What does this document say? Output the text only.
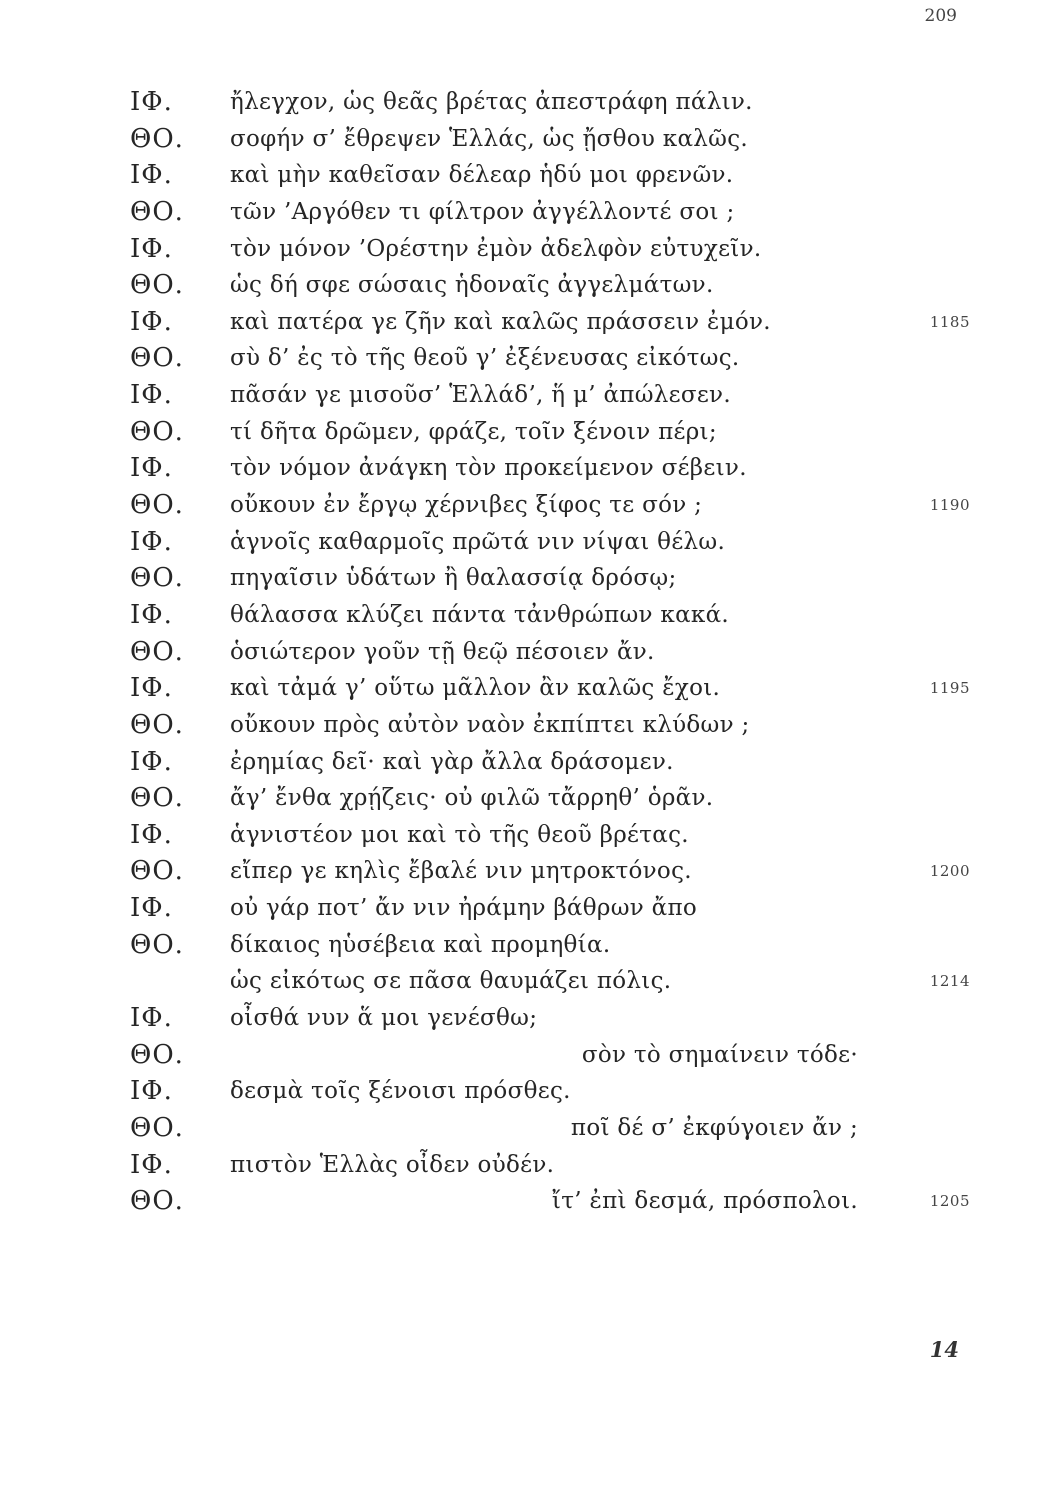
209
ΙΦ. ἤλεγχον, ὡς θεᾶς βρέτας ἀπεστράφη πάλιν.
ΘΟ. σοφήν σ’ ἔθρεψεν Ἑλλάς, ὡς ᾔσθου καλῶς.
ΙΦ. καὶ μὴν καθεῖσαν δέλεαρ ἡδύ μοι φρενῶν.
ΘΟ. τῶν ’Αργόθεν τι φίλτρον ἀγγέλλοντέ σοι ;
ΙΦ. τὸν μόνον ’Ορέστην ἐμὸν ἀδελφὸν εὐτυχεῖν.
ΘΟ. ὡς δή σφε σώσαις ἡδοναῖς ἀγγελμάτων.
ΙΦ. καὶ πατέρα γε ζῆν καὶ καλῶς πράσσειν ἐμόν.	1185
ΘΟ. σὺ δ’ ἐς τὸ τῆς θεοῦ γ’ ἐξένευσας εἰκότως.
ΙΦ. πᾶσάν γε μισοῦσ’ Ἑλλάδ’, ἥ μ’ ἀπώλεσεν.
ΘΟ. τί δῆτα δρῶμεν, φράζε, τοῖν ξένοιν πέρι;
ΙΦ. τὸν νόμον ἀνάγκη τὸν προκείμενον σέβειν.
ΘΟ. οὔκουν ἐν ἔργῳ χέρνιβες ξίφος τε σόν ;	1190
ΙΦ. ἁγνοῖς καθαρμοῖς πρῶτά νιν νίψαι θέλω.
ΘΟ. πηγαῖσιν ὑδάτων ἢ θαλασσίᾳ δρόσῳ;
ΙΦ. θάλασσα κλύζει πάντα τἀνθρώπων κακά.
ΘΟ. ὁσιώτερον γοῦν τῇ θεῷ πέσοιεν ἄν.
ΙΦ. καὶ τἀμά γ’ οὕτω μᾶλλον ἂν καλῶς ἔχοι.	1195
ΘΟ. οὔκουν πρὸς αὐτὸν ναὸν ἐκπίπτει κλύδων ;
ΙΦ. ἐρημίας δεῖ· καὶ γὰρ ἄλλα δράσομεν.
ΘΟ. ἄγ’ ἔνθα χρῄζεις· οὐ φιλῶ τἄρρηθ’ ὁρᾶν.
ΙΦ. ἁγνιστέον μοι καὶ τὸ τῆς θεοῦ βρέτας.
ΘΟ. εἴπερ γε κηλὶς ἔβαλέ νιν μητροκτόνος.	1200
ΙΦ. οὐ γάρ ποτ’ ἄν νιν ἠράμην βάθρων ἄπο
ΘΟ. δίκαιος ηὑσέβεια καὶ προμηθία.
ὡς εἰκότως σε πᾶσα θαυμάζει πόλις.	1214
ΙΦ. οἶσθά νυν ἅ μοι γενέσθω;
ΘΟ.	σὸν τὸ σημαίνειν τόδε·
ΙΦ. δεσμὰ τοῖς ξένοισι πρόσθες.
ΘΟ.	ποῖ δέ σ’ ἐκφύγοιεν ἄν ;
ΙΦ. πιστὸν Ἑλλὰς οἶδεν οὐδέν.
ΘΟ.	ἴτ’ ἐπὶ δεσμά, πρόσπολοι.	1205
14
